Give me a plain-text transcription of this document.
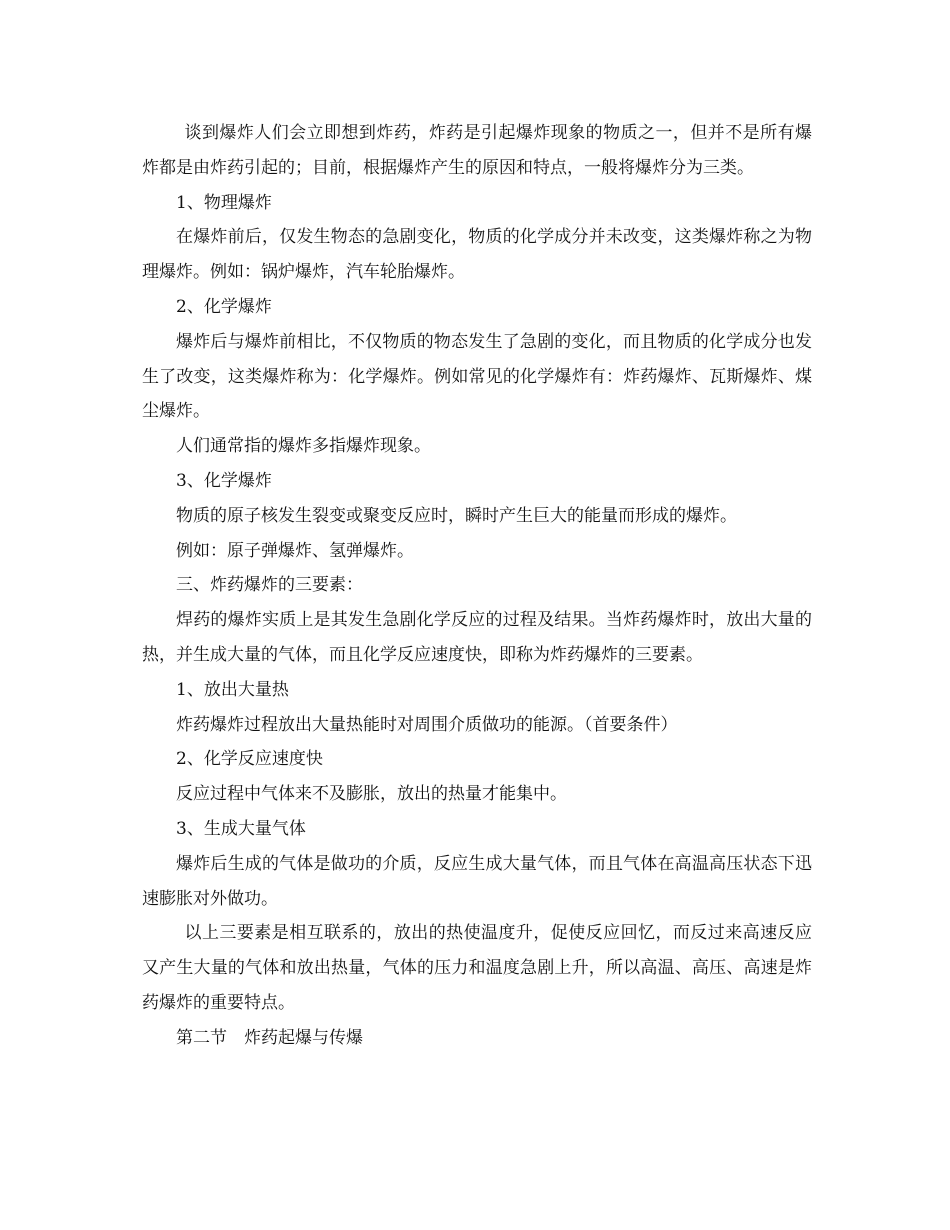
谈到爆炸人们会立即想到炸药，炸药是引起爆炸现象的物质之一，但并不是所有爆炸都是由炸药引起的；目前，根据爆炸产生的原因和特点，一般将爆炸分为三类。

1、物理爆炸

在爆炸前后，仅发生物态的急剧变化，物质的化学成分并未改变，这类爆炸称之为物理爆炸。例如：锅炉爆炸，汽车轮胎爆炸。

2、化学爆炸

爆炸后与爆炸前相比，不仅物质的物态发生了急剧的变化，而且物质的化学成分也发生了改变，这类爆炸称为：化学爆炸。例如常见的化学爆炸有：炸药爆炸、瓦斯爆炸、煤尘爆炸。

人们通常指的爆炸多指爆炸现象。

3、化学爆炸

物质的原子核发生裂变或聚变反应时，瞬时产生巨大的能量而形成的爆炸。

例如：原子弹爆炸、氢弹爆炸。

三、炸药爆炸的三要素：

焊药的爆炸实质上是其发生急剧化学反应的过程及结果。当炸药爆炸时，放出大量的热，并生成大量的气体，而且化学反应速度快，即称为炸药爆炸的三要素。

1、放出大量热

炸药爆炸过程放出大量热能时对周围介质做功的能源。（首要条件）

2、化学反应速度快

反应过程中气体来不及膨胀，放出的热量才能集中。

3、生成大量气体

爆炸后生成的气体是做功的介质，反应生成大量气体，而且气体在高温高压状态下迅速膨胀对外做功。

以上三要素是相互联系的，放出的热使温度升，促使反应回忆，而反过来高速反应又产生大量的气体和放出热量，气体的压力和温度急剧上升，所以高温、高压、高速是炸药爆炸的重要特点。

第二节　炸药起爆与传爆
